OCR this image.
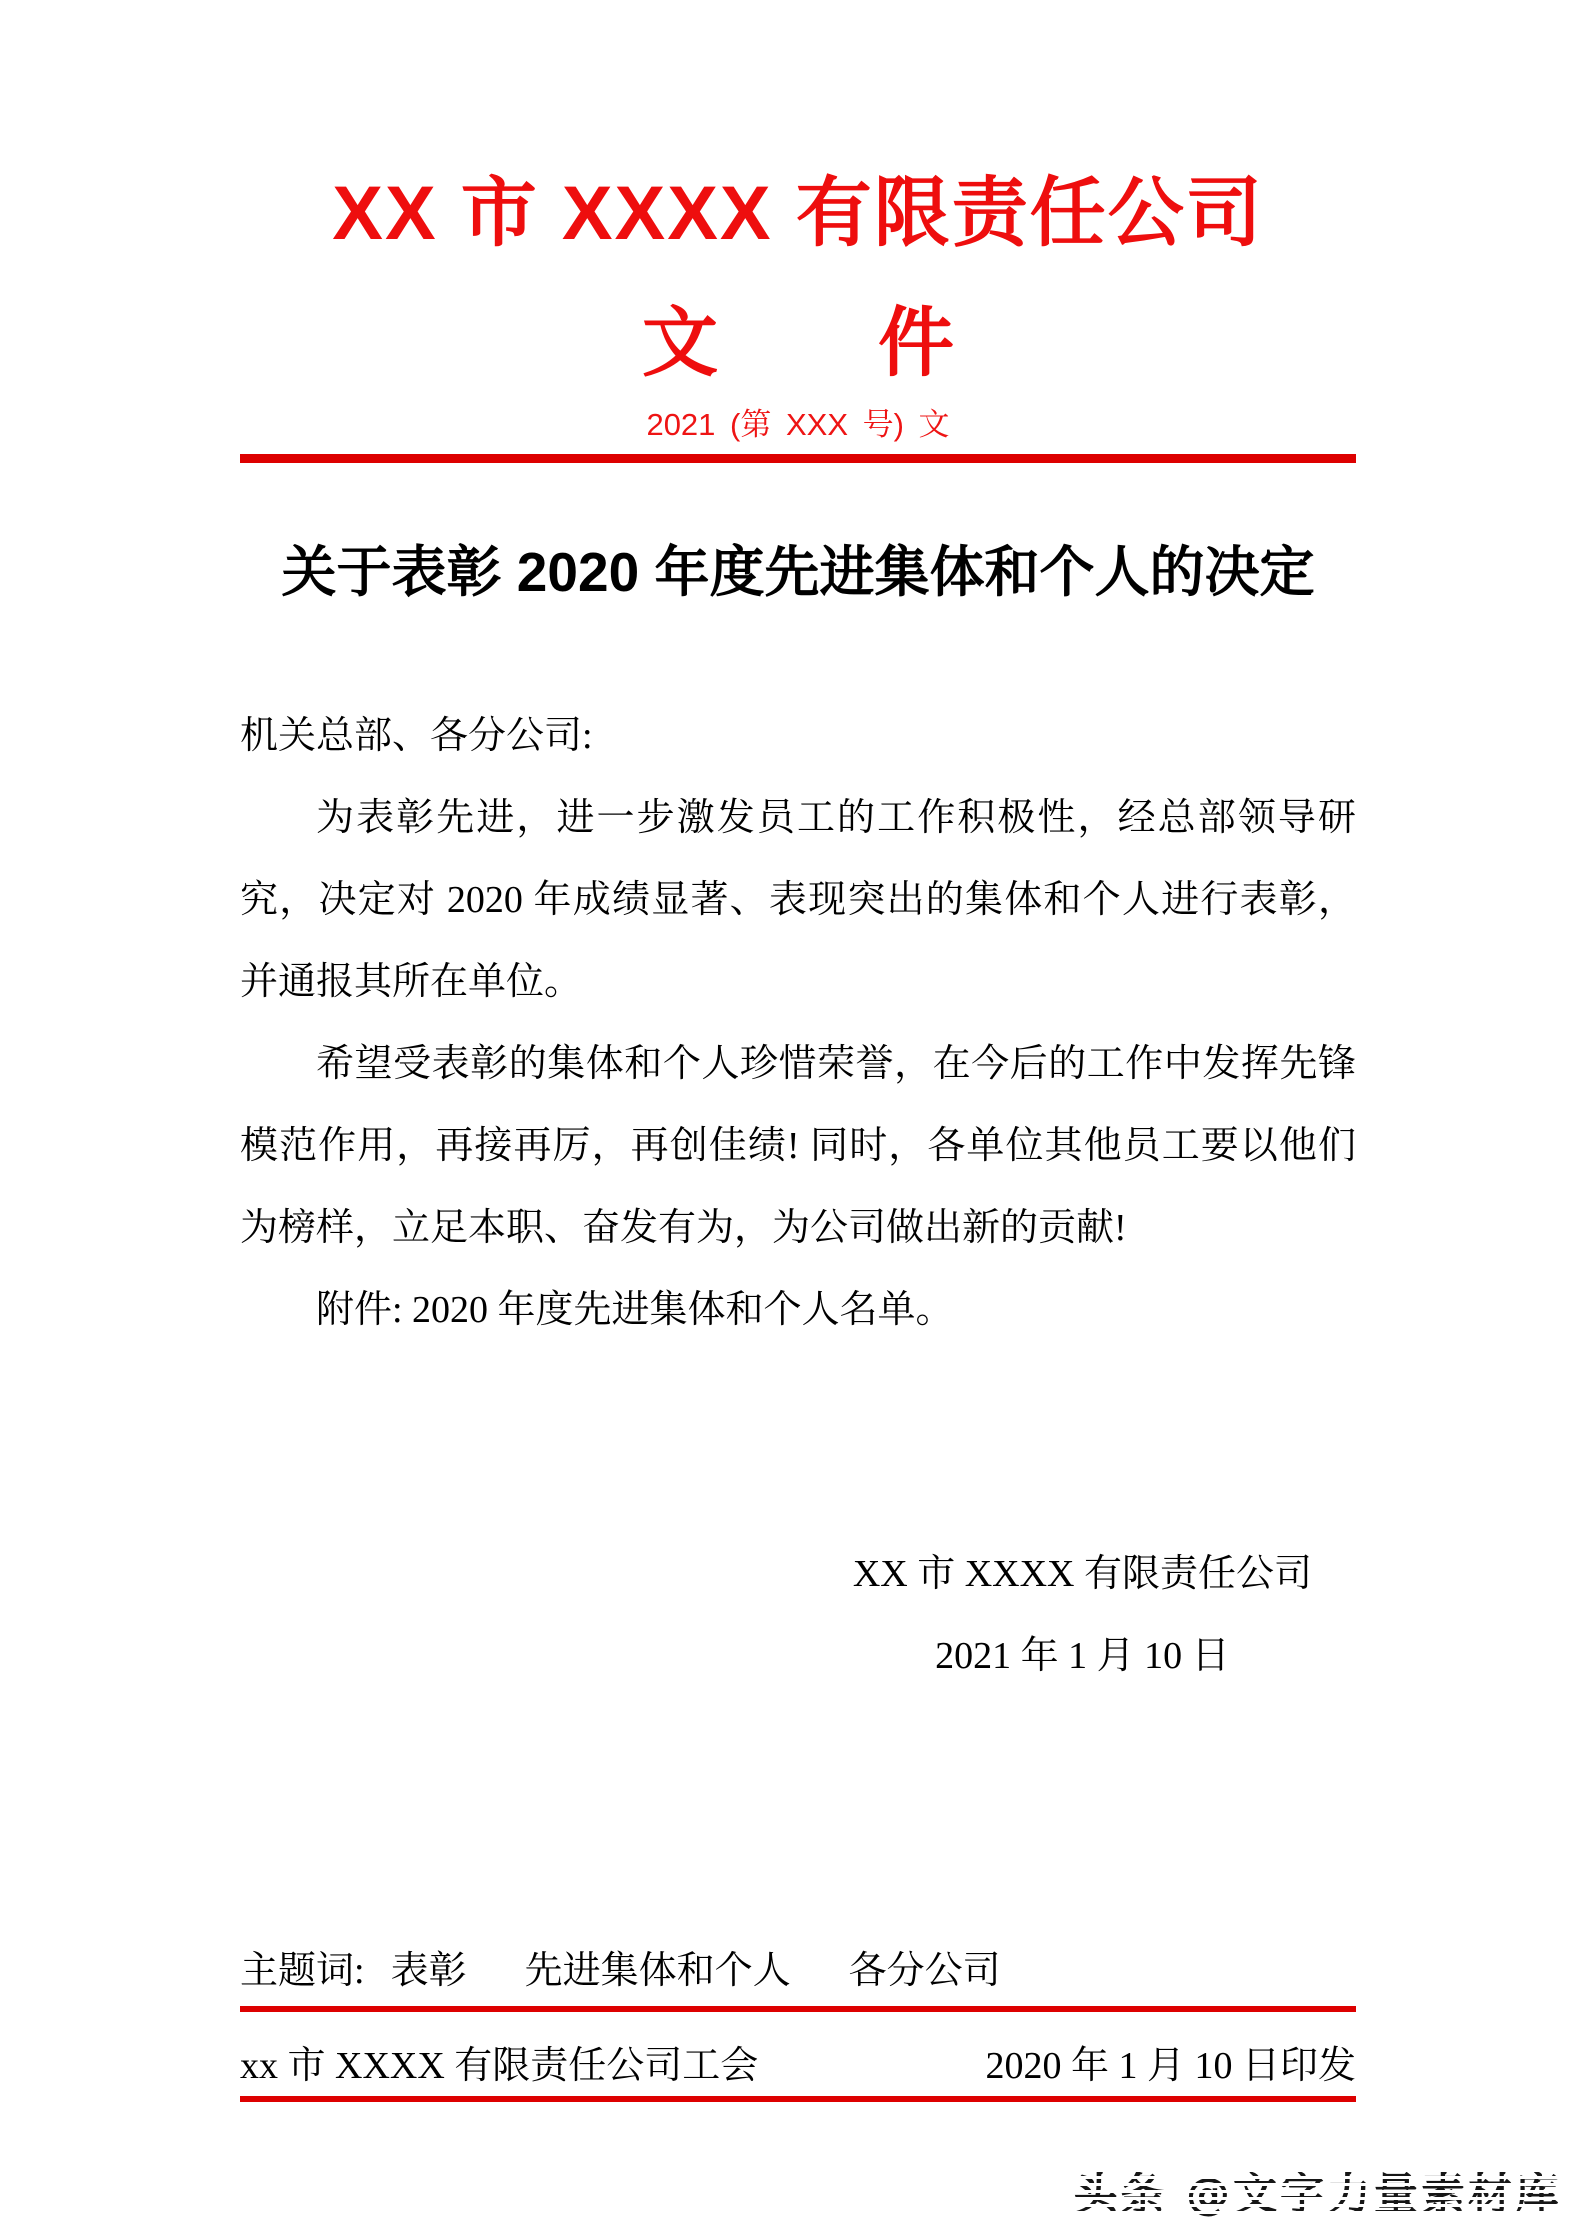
XX 市 XXXX 有限责任公司
文 件
2021 (第 XXX 号) 文
关于表彰 2020 年度先进集体和个人的决定

机关总部、各分公司:

为表彰先进，进一步激发员工的工作积极性，经总部领导研究，决定对 2020 年成绩显著、表现突出的集体和个人进行表彰，并通报其所在单位。

希望受表彰的集体和个人珍惜荣誉，在今后的工作中发挥先锋模范作用，再接再厉，再创佳绩! 同时，各单位其他员工要以他们为榜样，立足本职、奋发有为，为公司做出新的贡献!

附件: 2020 年度先进集体和个人名单。

XX 市 XXXX 有限责任公司
2021 年 1 月 10 日
主题词: 表彰 先进集体和个人 各分公司
xx 市 XXXX 有限责任公司工会	2020 年 1 月 10 日印发
头条 @文字力量素材库
